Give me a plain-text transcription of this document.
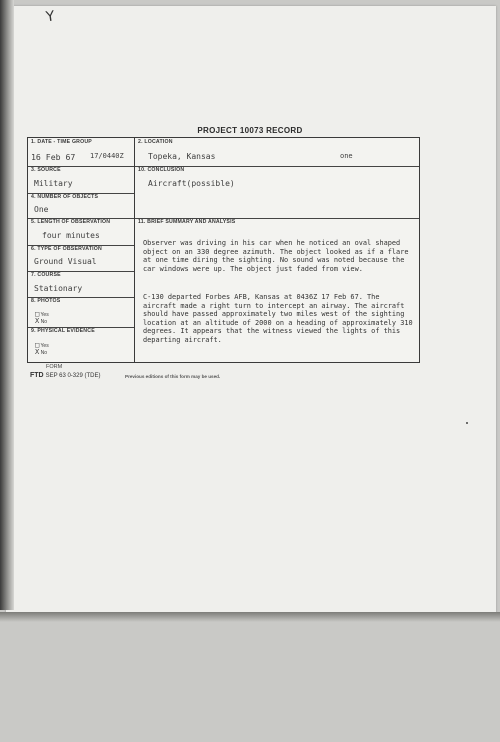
Y
PROJECT 10073 RECORD
1. DATE - TIME GROUP
16 Feb 67 17/0440Z
3. SOURCE
Military
4. NUMBER OF OBJECTS
One
5. LENGTH OF OBSERVATION
four minutes
6. TYPE OF OBSERVATION
Ground Visual
7. COURSE
Stationary
8. PHOTOS
□ Yes
X No
9. PHYSICAL EVIDENCE
□ Yes
X No
2. LOCATION
Topeka, Kansas	one
10. CONCLUSION
Aircraft(possible)
11. BRIEF SUMMARY AND ANALYSIS

Observer was driving in his car when he noticed an oval shaped object on an 330 degree azimuth. The object looked as if a flare at one time diring the sighting. No sound was noted because the car windows were up. The object just faded from view.

C-130 departed Forbes AFB, Kansas at 0436Z 17 Feb 67. The aircraft made a right turn to intercept an airway. The aircraft should have passed approximately two miles west of the sighting location at an altitude of 2000 on a heading of approximately 310 degrees. It appears that the witness viewed the lights of this departing aircraft.

FORM
FTD SEP 63 0-329 (TDE)	Previous editions of this form may be used.
